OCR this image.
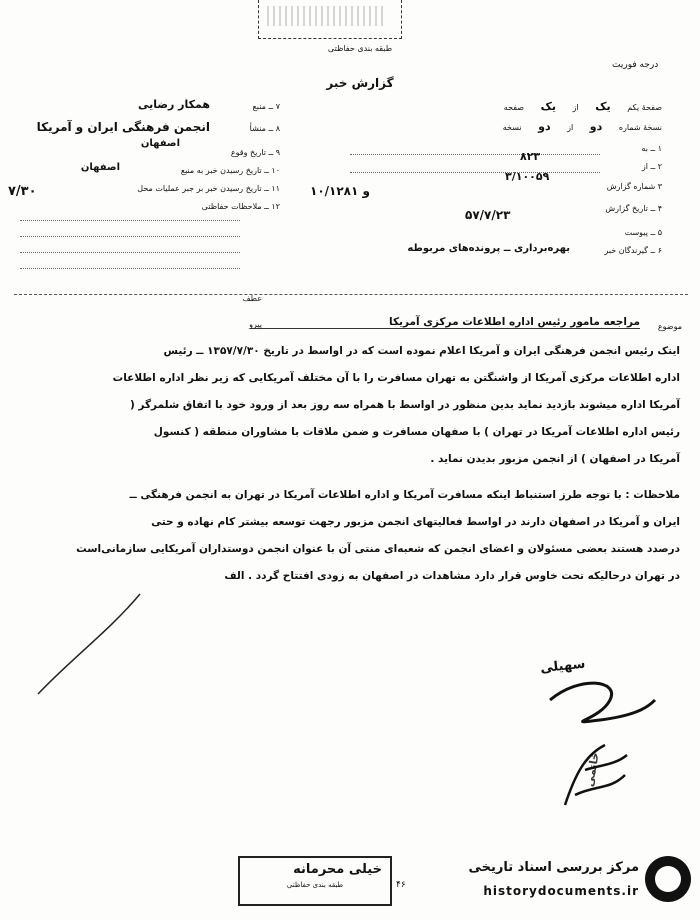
طبقه بندی حفاظتی
درجه فوریت
گزارش خبر
صفحهٔ یکم یک از یک صفحه
نسخهٔ شماره دو از دو نسخه
۱ ــ به
۲ ــ از
۸۲۳
۳ شماره گزارش
۳/۱۰۰۵۹
۴ ــ تاریخ گزارش
۵۷/۷/۲۳
۵ ــ پیوست
۶ ــ گیرندگان خبر
بهره‌برداری ــ پرونده‌های مربوطه
۷ ــ منبع
همکار رضایی
۸ ــ منشأ
انجمن فرهنگی ایران و آمریکا
اصفهان
۹ ــ تاریخ وقوع
۱۰ ــ تاریخ رسیدن خبر به منبع
اصفهان
۱۱ ــ تاریخ رسیدن خبر بر جبر عملیات محل
۷/۳۰
۱۲ ــ ملاحظات حفاظتی
۱۰/۱۲۸۱ و
عطف
پیرو	موضوع
مراجعه مامور رئیس اداره اطلاعات مرکزی آمریکا
اینک رئیس انجمن فرهنگی ایران و آمریکا اعلام نموده است که در اواسط در تاریخ ۱۳۵۷/۷/۳۰ ــ رئیس
اداره اطلاعات مرکزی آمریکا از واشنگتن به تهران مسافرت را با آن مختلف آمریکایی که زیر نظر اداره اطلاعات
آمریکا اداره میشوند بازدید نماید بدین منظور در اواسط با همراه سه روز بعد از ورود خود با اتفاق شلمرگر (
رئیس اداره اطلاعات آمریکا در تهران ) با صفهان مسافرت و ضمن ملاقات با مشاوران منطقه ( کنسول
آمریکا در اصفهان ) از انجمن مزبور بدیدن نماید .
ملاحظات : با توجه طرز استنباط اینکه مسافرت آمریکا و اداره اطلاعات آمریکا در تهران به انجمن فرهنگی ــ
ایران و آمریکا در اصفهان دارند در اواسط فعالیتهای انجمن مزبور رجهت توسعه بیشتر کام نهاده و حتی
درصدد هستند بعضی مسئولان و اعضای انجمن که شعبه‌ای منتی آن با عنوان انجمن دوستداران آمریکایی سازمانی‌است
در تهران درحالیکه تحت خاوس قرار دارد مشاهدات در اصفهان به زودی افتتاح گردد . الف
سهیلی
خاتمی
خیلی محرمانه
طبقه بندی حفاظتی	۴۶
مرکز بررسی اسناد تاریخی
historydocuments.ir
